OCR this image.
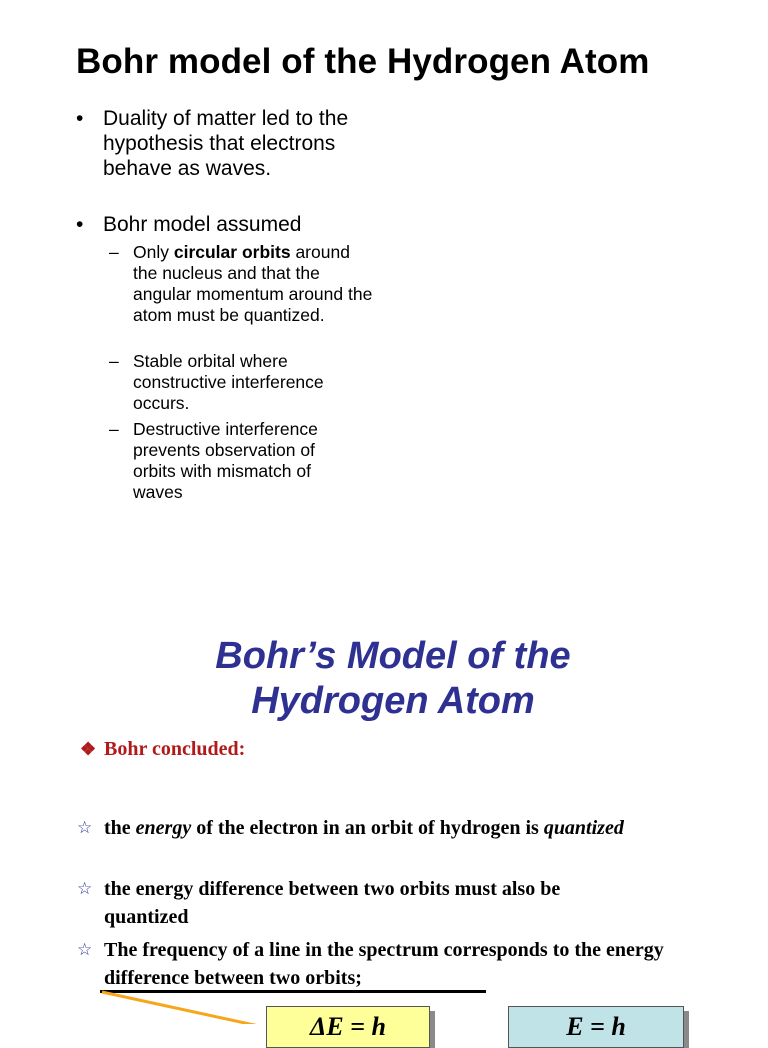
Bohr model of the Hydrogen Atom
• Duality of matter led to the hypothesis that electrons behave as waves.
• Bohr model assumed
– Only circular orbits around the nucleus and that the angular momentum around the atom must be quantized.
– Stable orbital where constructive interference occurs.
– Destructive interference prevents observation of orbits with mismatch of waves
Bohr’s Model of the
Hydrogen Atom
❖ Bohr concluded:
☆ the energy of the electron in an orbit of hydrogen is quantized
☆ the energy difference between two orbits must also be quantized
☆ The frequency of a line in the spectrum corresponds to the energy difference between two orbits;
ΔE = h	E = h
